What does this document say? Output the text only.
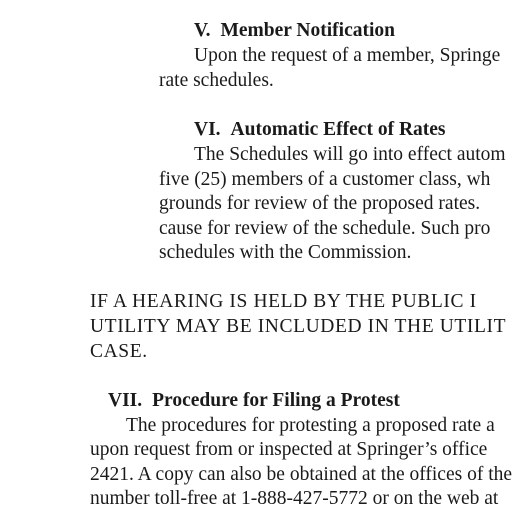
V. Member Notification

Upon the request of a member, Springe

rate schedules.

VI. Automatic Effect of Rates

The Schedules will go into effect autom

five (25) members of a customer class, wh

grounds for review of the proposed rates.

cause for review of the schedule. Such pro

schedules with the Commission.

IF A HEARING IS HELD BY THE PUBLIC I

UTILITY MAY BE INCLUDED IN THE UTILIT

CASE.

VII. Procedure for Filing a Protest

The procedures for protesting a proposed rate a

upon request from or inspected at Springer’s office

2421. A copy can also be obtained at the offices of the

number toll-free at 1-888-427-5772 or on the web at
